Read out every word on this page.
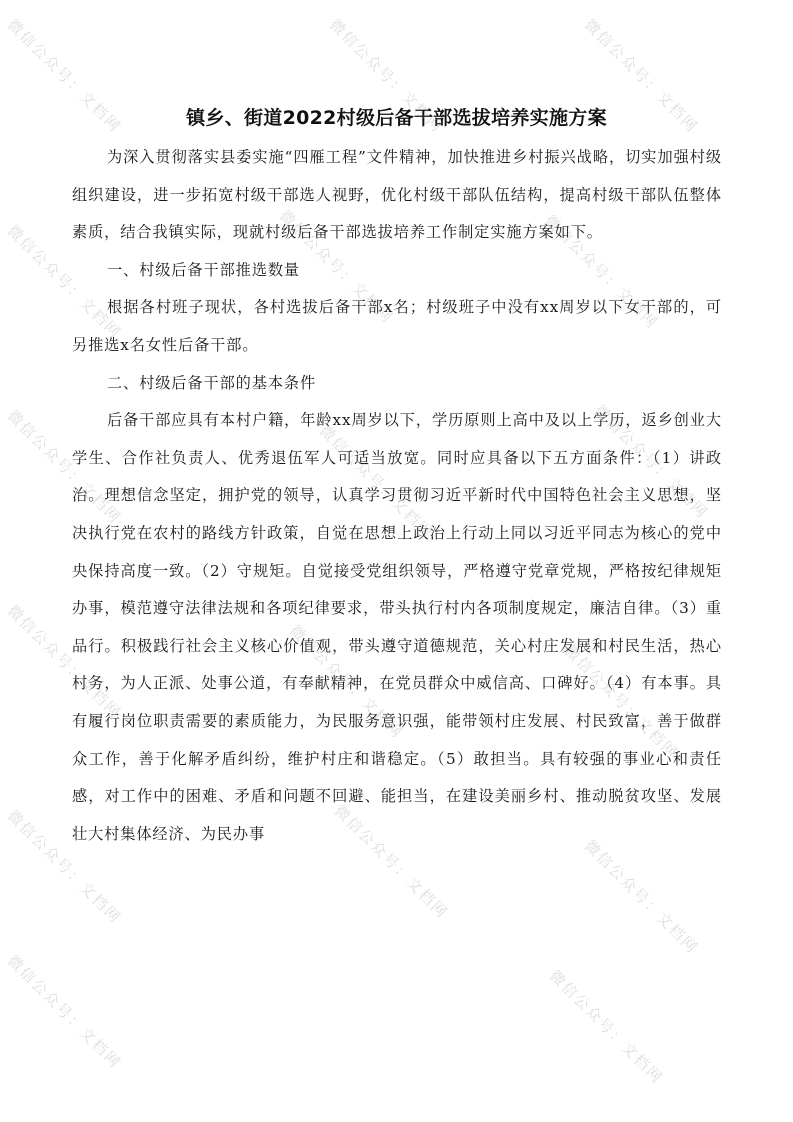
镇乡、街道2022村级后备干部选拔培养实施方案

为深入贯彻落实县委实施“四雁工程”文件精神，加快推进乡村振兴战略，切实加强村级组织建设，进一步拓宽村级干部选人视野，优化村级干部队伍结构，提高村级干部队伍整体素质，结合我镇实际，现就村级后备干部选拔培养工作制定实施方案如下。

一、村级后备干部推选数量

根据各村班子现状，各村选拔后备干部x名；村级班子中没有xx周岁以下女干部的，可另推选x名女性后备干部。

二、村级后备干部的基本条件

后备干部应具有本村户籍，年龄xx周岁以下，学历原则上高中及以上学历，返乡创业大学生、合作社负责人、优秀退伍军人可适当放宽。同时应具备以下五方面条件：（1）讲政治。理想信念坚定，拥护党的领导，认真学习贯彻习近平新时代中国特色社会主义思想，坚决执行党在农村的路线方针政策，自觉在思想上政治上行动上同以习近平同志为核心的党中央保持高度一致。（2）守规矩。自觉接受党组织领导，严格遵守党章党规，严格按纪律规矩办事，模范遵守法律法规和各项纪律要求，带头执行村内各项制度规定，廉洁自律。（3）重品行。积极践行社会主义核心价值观，带头遵守道德规范，关心村庄发展和村民生活，热心村务，为人正派、处事公道，有奉献精神，在党员群众中威信高、口碑好。（4）有本事。具有履行岗位职责需要的素质能力，为民服务意识强，能带领村庄发展、村民致富，善于做群众工作，善于化解矛盾纠纷，维护村庄和谐稳定。（5）敢担当。具有较强的事业心和责任感，对工作中的困难、矛盾和问题不回避、能担当，在建设美丽乡村、推动脱贫攻坚、发展壮大村集体经济、为民办事

微信公众号：文档网	微信公众号：文档网	微信公众号：文档网
微信公众号：文档网	微信公众号：文档网	微信公众号：文档网
微信公众号：文档网	微信公众号：文档网	微信公众号：文档网
微信公众号：文档网	微信公众号：文档网	微信公众号：文档网
微信公众号：文档网	微信公众号：文档网	微信公众号：文档网
微信公众号：文档网	微信公众号：文档网
